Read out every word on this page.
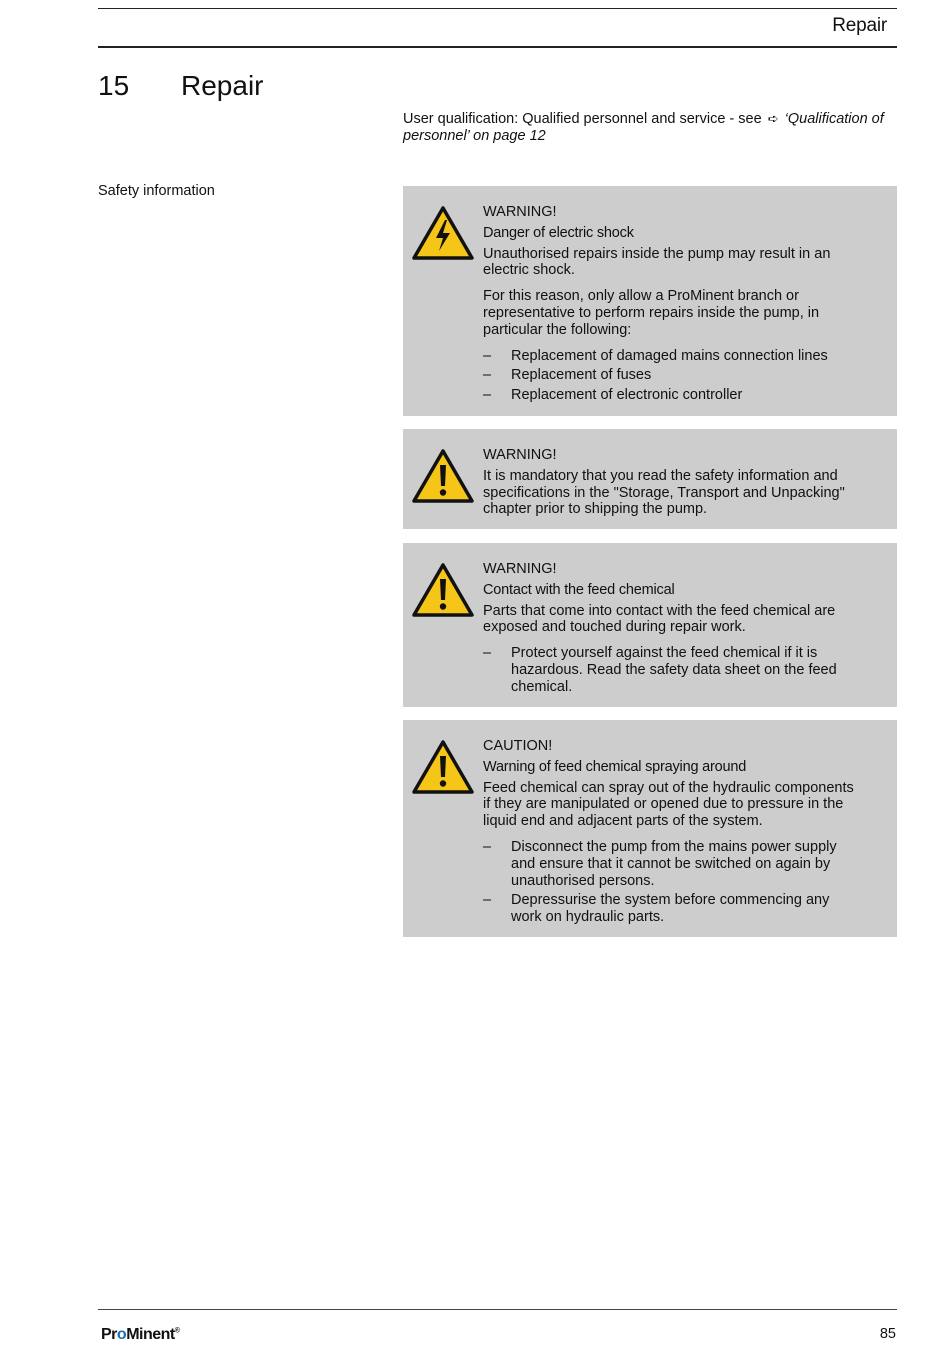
Repair
15 Repair
User qualification: Qualified personnel and service - see ➪ ‘Qualification of personnel’ on page 12
Safety information
WARNING!
Danger of electric shock

Unauthorised repairs inside the pump may result in an electric shock.

For this reason, only allow a ProMinent branch or representative to perform repairs inside the pump, in particular the following:

– Replacement of damaged mains connection lines
– Replacement of fuses
– Replacement of electronic controller
WARNING!

It is mandatory that you read the safety information and specifications in the "Storage, Transport and Unpacking" chapter prior to shipping the pump.

WARNING!
Contact with the feed chemical

Parts that come into contact with the feed chemical are exposed and touched during repair work.

– Protect yourself against the feed chemical if it is hazardous. Read the safety data sheet on the feed chemical.
CAUTION!
Warning of feed chemical spraying around

Feed chemical can spray out of the hydraulic components if they are manipulated or opened due to pressure in the liquid end and adjacent parts of the system.

– Disconnect the pump from the mains power supply and ensure that it cannot be switched on again by unauthorised persons.
– Depressurise the system before commencing any work on hydraulic parts.
ProMinent®	85
